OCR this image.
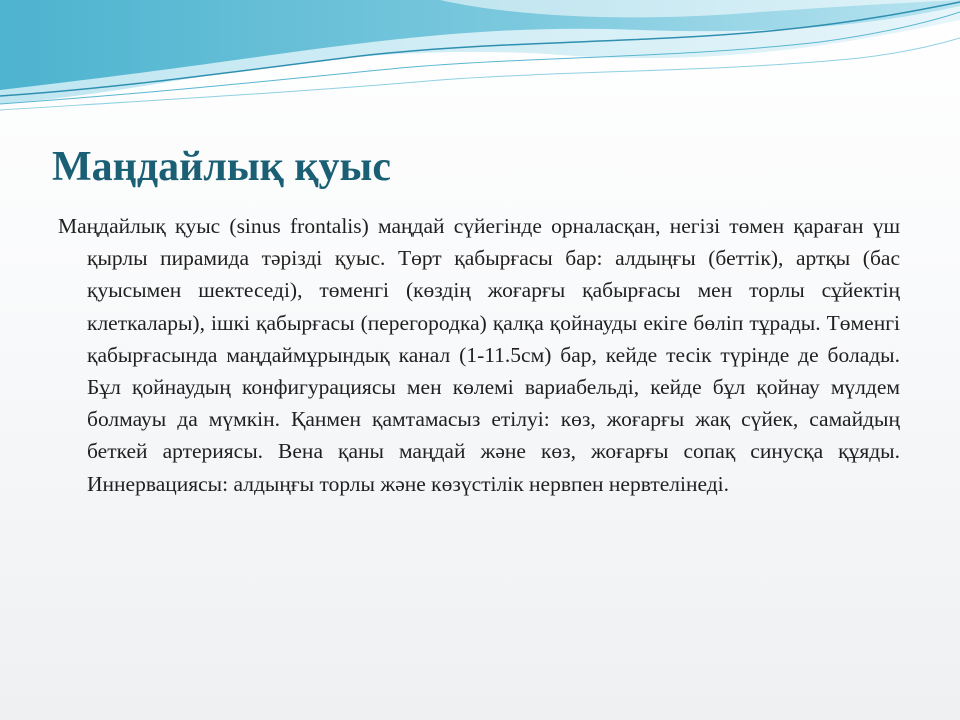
Маңдайлық қуыс

Маңдайлық қуыс (sinus frontalis) маңдай сүйегінде орналасқан, негізі төмен қараған үш қырлы пирамида тәрізді қуыс. Төрт қабырғасы бар: алдыңғы (беттік), артқы (бас қуысымен шектеседі), төменгі (көздің жоғарғы қабырғасы мен торлы сұйектің клеткалары), ішкі қабырғасы (перегородка) қалқа қойнауды екіге бөліп тұрады. Төменгі қабырғасында маңдаймұрындық канал (1-11.5см) бар, кейде тесік түрінде де болады. Бұл қойнаудың конфигурациясы мен көлемі вариабельді, кейде бұл қойнау мүлдем болмауы да мүмкін. Қанмен қамтамасыз етілуі: көз, жоғарғы жақ сүйек, самайдың беткей артериясы. Вена қаны маңдай және көз, жоғарғы сопақ синусқа құяды. Иннервациясы: алдыңғы торлы және көзүстілік нервпен нервтелінеді.
